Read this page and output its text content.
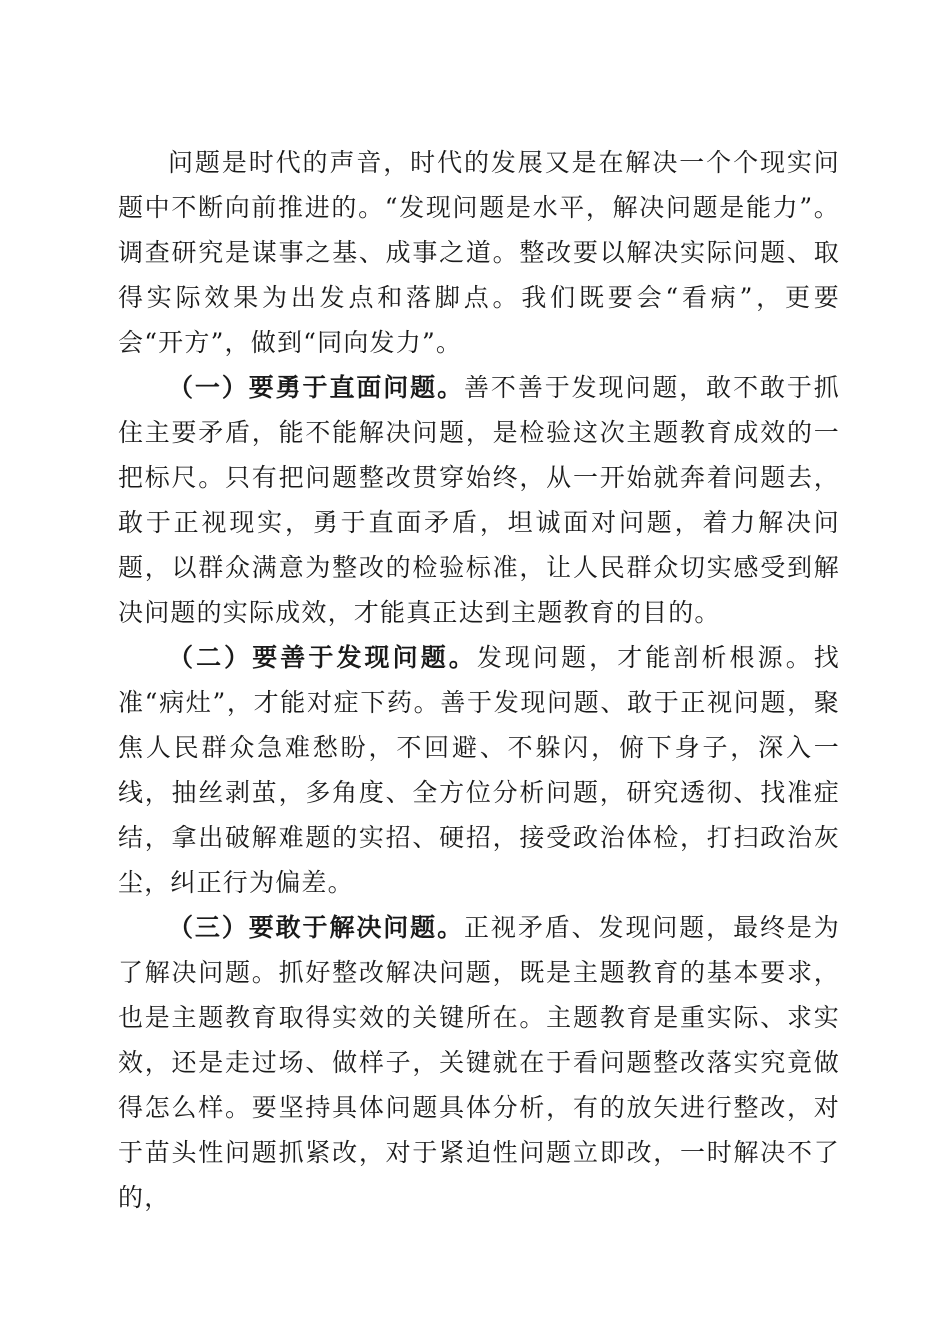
问题是时代的声音，时代的发展又是在解决一个个现实问题中不断向前推进的。“发现问题是水平，解决问题是能力”。调查研究是谋事之基、成事之道。整改要以解决实际问题、取得实际效果为出发点和落脚点。我们既要会“看病”，更要会“开方”，做到“同向发力”。

（一）要勇于直面问题。善不善于发现问题，敢不敢于抓住主要矛盾，能不能解决问题，是检验这次主题教育成效的一把标尺。只有把问题整改贯穿始终，从一开始就奔着问题去，敢于正视现实，勇于直面矛盾，坦诚面对问题，着力解决问题，以群众满意为整改的检验标准，让人民群众切实感受到解决问题的实际成效，才能真正达到主题教育的目的。

（二）要善于发现问题。发现问题，才能剖析根源。找准“病灶”，才能对症下药。善于发现问题、敢于正视问题，聚焦人民群众急难愁盼，不回避、不躲闪，俯下身子，深入一线，抽丝剥茧，多角度、全方位分析问题，研究透彻、找准症结，拿出破解难题的实招、硬招，接受政治体检，打扫政治灰尘，纠正行为偏差。

（三）要敢于解决问题。正视矛盾、发现问题，最终是为了解决问题。抓好整改解决问题，既是主题教育的基本要求，也是主题教育取得实效的关键所在。主题教育是重实际、求实效，还是走过场、做样子，关键就在于看问题整改落实究竟做得怎么样。要坚持具体问题具体分析，有的放矢进行整改，对于苗头性问题抓紧改，对于紧迫性问题立即改，一时解决不了的，
